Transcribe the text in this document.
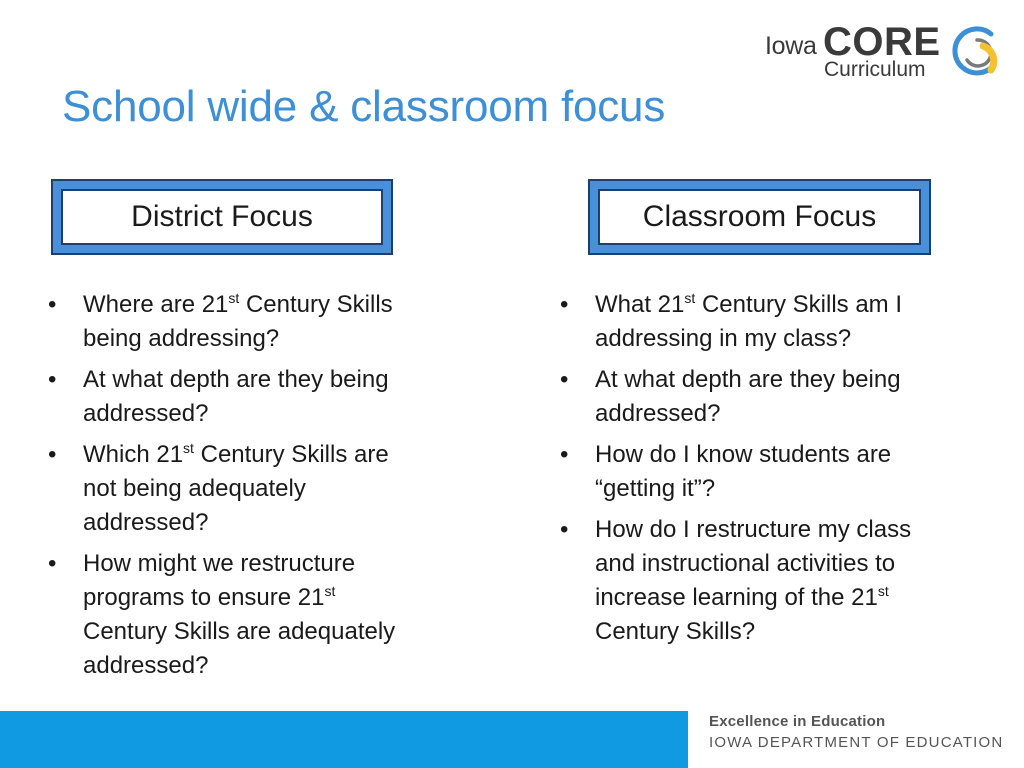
Iowa CORE
Curriculum
School wide & classroom focus
District Focus	Classroom Focus
• Where are 21st Century Skills being addressing?
• At what depth are they being addressed?
• Which 21st Century Skills are not being adequately addressed?
• How might we restructure programs to ensure 21st Century Skills are adequately addressed?
• What 21st Century Skills am I addressing in my class?
• At what depth are they being addressed?
• How do I know students are “getting it”?
• How do I restructure my class and instructional activities to increase learning of the 21st Century Skills?
Excellence in Education
IOWA DEPARTMENT OF EDUCATION
